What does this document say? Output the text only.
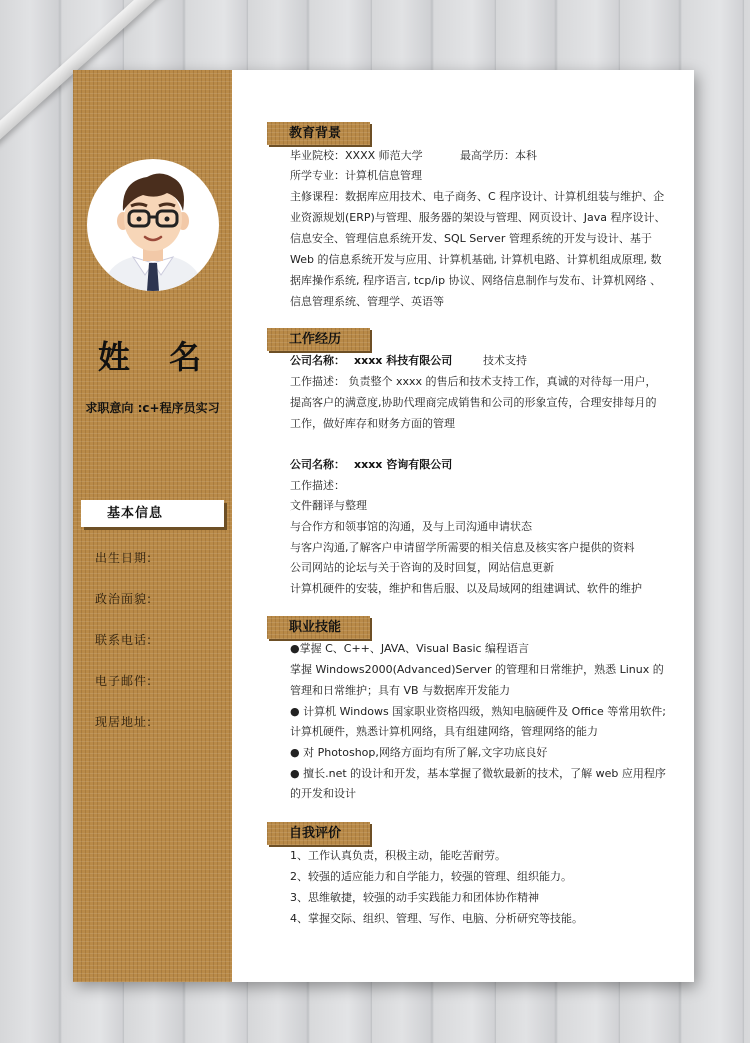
姓 名
求职意向 :c+程序员实习
基本信息
出生日期:
政治面貌:
联系电话:
电子邮件:
现居地址:
教育背景
毕业院校：XXXX 师范大学	最高学历：本科
所学专业：计算机信息管理
主修课程：数据库应用技术、电子商务、C 程序设计、计算机组装与维护、企
业资源规划(ERP)与管理、服务器的架设与管理、网页设计、Java 程序设计、
信息安全、管理信息系统开发、SQL Server 管理系统的开发与设计、基于
Web 的信息系统开发与应用、计算机基础, 计算机电路、计算机组成原理, 数
据库操作系统, 程序语言, tcp/ip 协议、网络信息制作与发布、计算机网络 、
信息管理系统、管理学、英语等
工作经历
公司名称： xxxx 科技有限公司	技术支持
工作描述： 负责整个 xxxx 的售后和技术支持工作，真诚的对待每一用户，
提高客户的满意度,协助代理商完成销售和公司的形象宣传，合理安排每月的
工作，做好库存和财务方面的管理
公司名称： xxxx 咨询有限公司
工作描述：
文件翻译与整理
与合作方和领事馆的沟通，及与上司沟通申请状态
与客户沟通,了解客户申请留学所需要的相关信息及核实客户提供的资料
公司网站的论坛与关于咨询的及时回复，网站信息更新
计算机硬件的安装，维护和售后服、以及局域网的组建调试、软件的维护
职业技能
●掌握 C、C++、JAVA、Visual Basic 编程语言
掌握 Windows2000(Advanced)Server 的管理和日常维护，熟悉 Linux 的
管理和日常维护；具有 VB 与数据库开发能力
● 计算机 Windows 国家职业资格四级，熟知电脑硬件及 Office 等常用软件;
计算机硬件，熟悉计算机网络，具有组建网络，管理网络的能力
● 对 Photoshop,网络方面均有所了解,文字功底良好
● 擅长.net 的设计和开发，基本掌握了微软最新的技术，了解 web 应用程序
的开发和设计
自我评价
1、工作认真负责，积极主动，能吃苦耐劳。
2、较强的适应能力和自学能力，较强的管理、组织能力。
3、思维敏捷，较强的动手实践能力和团体协作精神
4、掌握交际、组织、管理、写作、电脑、分析研究等技能。
